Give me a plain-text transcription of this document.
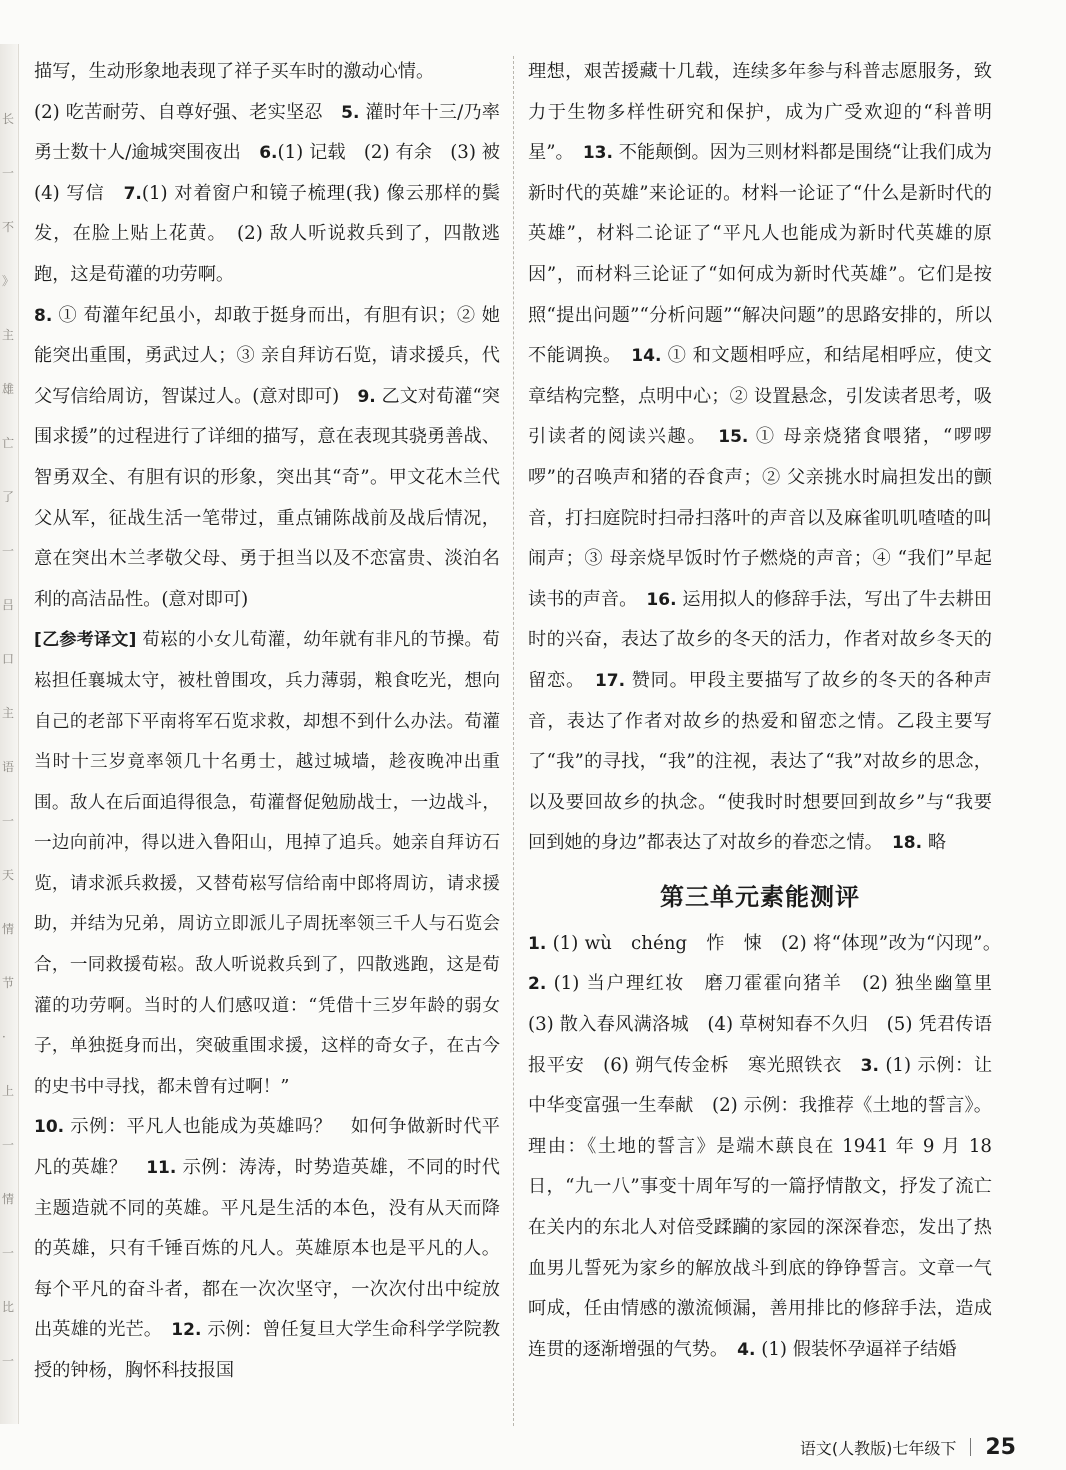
长
一
不
》
主
雄
亡
了
一
吕
口
主
语
一
天
情
节
·
上
一
情
一
比
一

描写，生动形象地表现了祥子买车时的激动心情。

(2) 吃苦耐劳、自尊好强、老实坚忍　5. 灌时年十三/乃率勇士数十人/逾城突围夜出　6.(1) 记载　(2) 有余　(3) 被　(4) 写信　7.(1) 对着窗户和镜子梳理(我) 像云那样的鬓发，在脸上贴上花黄。　(2) 敌人听说救兵到了，四散逃跑，这是荀灌的功劳啊。

8. ① 荀灌年纪虽小，却敢于挺身而出，有胆有识；② 她能突出重围，勇武过人；③ 亲自拜访石览，请求援兵，代父写信给周访，智谋过人。(意对即可)　9. 乙文对荀灌“突围求援”的过程进行了详细的描写，意在表现其骁勇善战、智勇双全、有胆有识的形象，突出其“奇”。甲文花木兰代父从军，征战生活一笔带过，重点铺陈战前及战后情况，意在突出木兰孝敬父母、勇于担当以及不恋富贵、淡泊名利的高洁品性。(意对即可)

[乙参考译文] 荀崧的小女儿荀灌，幼年就有非凡的节操。荀崧担任襄城太守，被杜曾围攻，兵力薄弱，粮食吃光，想向自己的老部下平南将军石览求救，却想不到什么办法。荀灌当时十三岁竟率领几十名勇士，越过城墙，趁夜晚冲出重围。敌人在后面追得很急，荀灌督促勉励战士，一边战斗，一边向前冲，得以进入鲁阳山，甩掉了追兵。她亲自拜访石览，请求派兵救援，又替荀崧写信给南中郎将周访，请求援助，并结为兄弟，周访立即派儿子周抚率领三千人与石览会合，一同救援荀崧。敌人听说救兵到了，四散逃跑，这是荀灌的功劳啊。当时的人们感叹道：“凭借十三岁年龄的弱女子，单独挺身而出，突破重围求援，这样的奇女子，在古今的史书中寻找，都未曾有过啊！”

10. 示例：平凡人也能成为英雄吗？　如何争做新时代平凡的英雄？　11. 示例：涛涛，时势造英雄，不同的时代主题造就不同的英雄。平凡是生活的本色，没有从天而降的英雄，只有千锤百炼的凡人。英雄原本也是平凡的人。每个平凡的奋斗者，都在一次次坚守，一次次付出中绽放出英雄的光芒。　12. 示例：曾任复旦大学生命科学学院教授的钟杨，胸怀科技报国

理想，艰苦援藏十几载，连续多年参与科普志愿服务，致力于生物多样性研究和保护，成为广受欢迎的“科普明星”。　13. 不能颠倒。因为三则材料都是围绕“让我们成为新时代的英雄”来论证的。材料一论证了“什么是新时代的英雄”，材料二论证了“平凡人也能成为新时代英雄的原因”，而材料三论证了“如何成为新时代英雄”。它们是按照“提出问题”“分析问题”“解决问题”的思路安排的，所以不能调换。　14. ① 和文题相呼应，和结尾相呼应，使文章结构完整，点明中心；② 设置悬念，引发读者思考，吸引读者的阅读兴趣。　15. ① 母亲烧猪食喂猪，“啰啰啰”的召唤声和猪的吞食声；② 父亲挑水时扁担发出的颤音，打扫庭院时扫帚扫落叶的声音以及麻雀叽叽喳喳的叫闹声；③ 母亲烧早饭时竹子燃烧的声音；④ “我们”早起读书的声音。　16. 运用拟人的修辞手法，写出了牛去耕田时的兴奋，表达了故乡的冬天的活力，作者对故乡冬天的留恋。　17. 赞同。甲段主要描写了故乡的冬天的各种声音，表达了作者对故乡的热爱和留恋之情。乙段主要写了“我”的寻找，“我”的注视，表达了“我”对故乡的思念，以及要回故乡的执念。“使我时时想要回到故乡”与“我要回到她的身边”都表达了对故乡的眷恋之情。　18. 略

第三单元素能测评

1. (1) wù　chéng　怍　悚　(2) 将“体现”改为“闪现”。　2. (1) 当户理红妆　磨刀霍霍向猪羊　(2) 独坐幽篁里　(3) 散入春风满洛城　(4) 草树知春不久归　(5) 凭君传语报平安　(6) 朔气传金柝　寒光照铁衣　3. (1) 示例：让中华变富强一生奉献　(2) 示例：我推荐《土地的誓言》。理由：《土地的誓言》是端木蕻良在 1941 年 9 月 18 日，“九一八”事变十周年写的一篇抒情散文，抒发了流亡在关内的东北人对倍受蹂躏的家园的深深眷恋，发出了热血男儿誓死为家乡的解放战斗到底的铮铮誓言。文章一气呵成，任由情感的激流倾漏，善用排比的修辞手法，造成连贯的逐渐增强的气势。　4. (1) 假装怀孕逼祥子结婚

语文(人教版)七年级下 25
